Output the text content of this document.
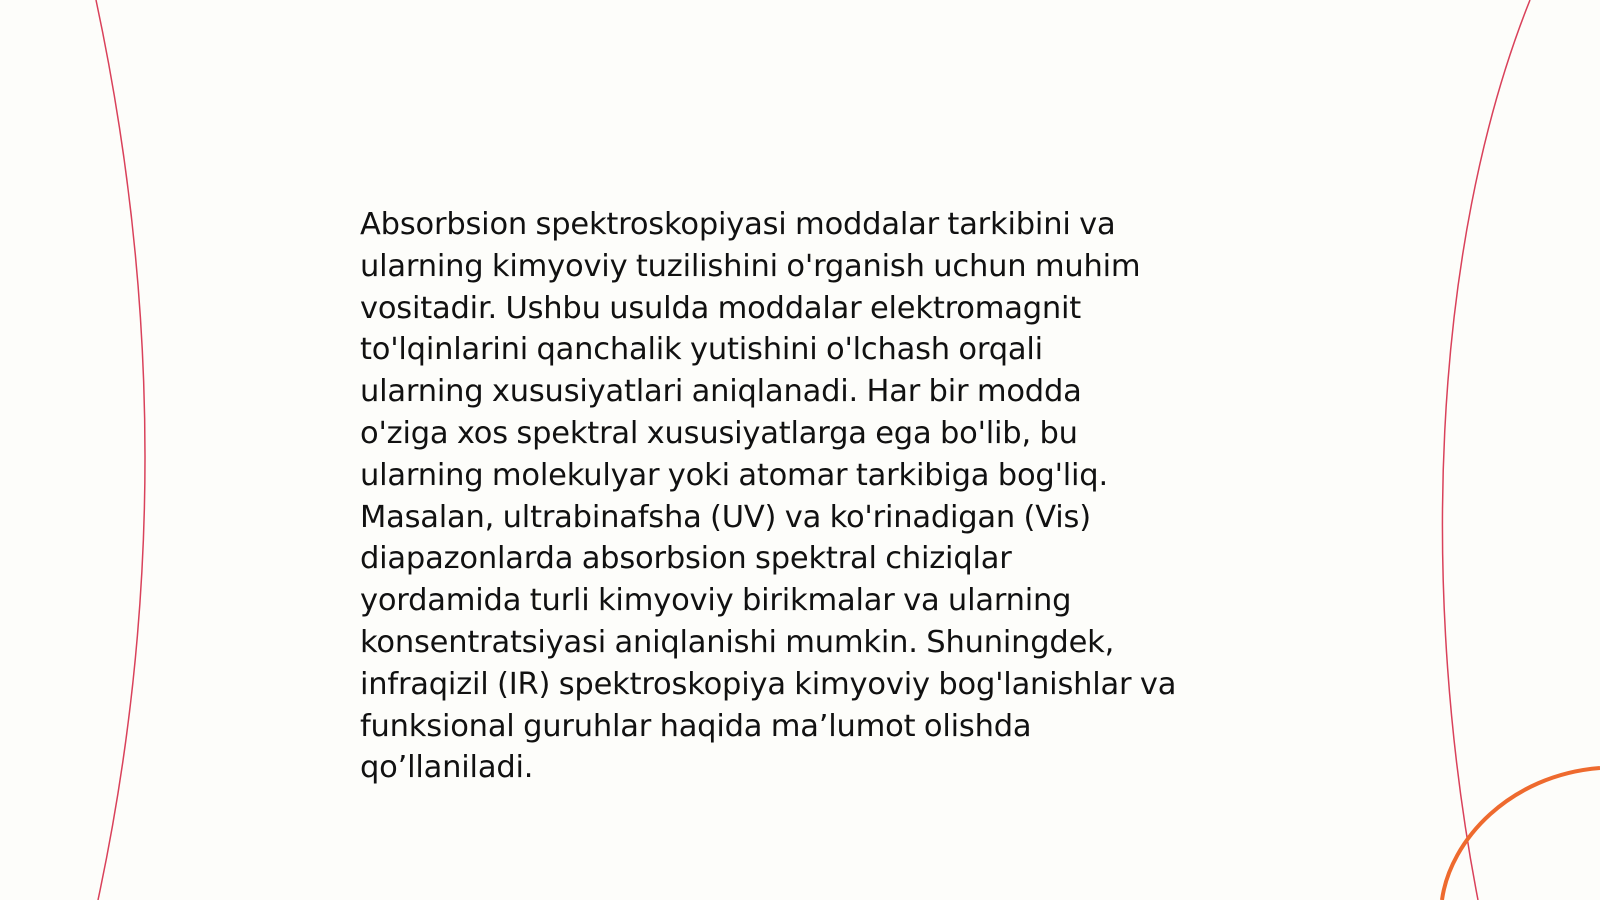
Absorbsion spektroskopiyasi moddalar tarkibini va
ularning kimyoviy tuzilishini o'rganish uchun muhim
vositadir. Ushbu usulda moddalar elektromagnit
to'lqinlarini qanchalik yutishini o'lchash orqali
ularning xususiyatlari aniqlanadi. Har bir modda
o'ziga xos spektral xususiyatlarga ega bo'lib, bu
ularning molekulyar yoki atomar tarkibiga bog'liq.
Masalan, ultrabinafsha (UV) va ko'rinadigan (Vis)
diapazonlarda absorbsion spektral chiziqlar
yordamida turli kimyoviy birikmalar va ularning
konsentratsiyasi aniqlanishi mumkin. Shuningdek,
infraqizil (IR) spektroskopiya kimyoviy bog'lanishlar va
funksional guruhlar haqida ma’lumot olishda
qo’llaniladi.
